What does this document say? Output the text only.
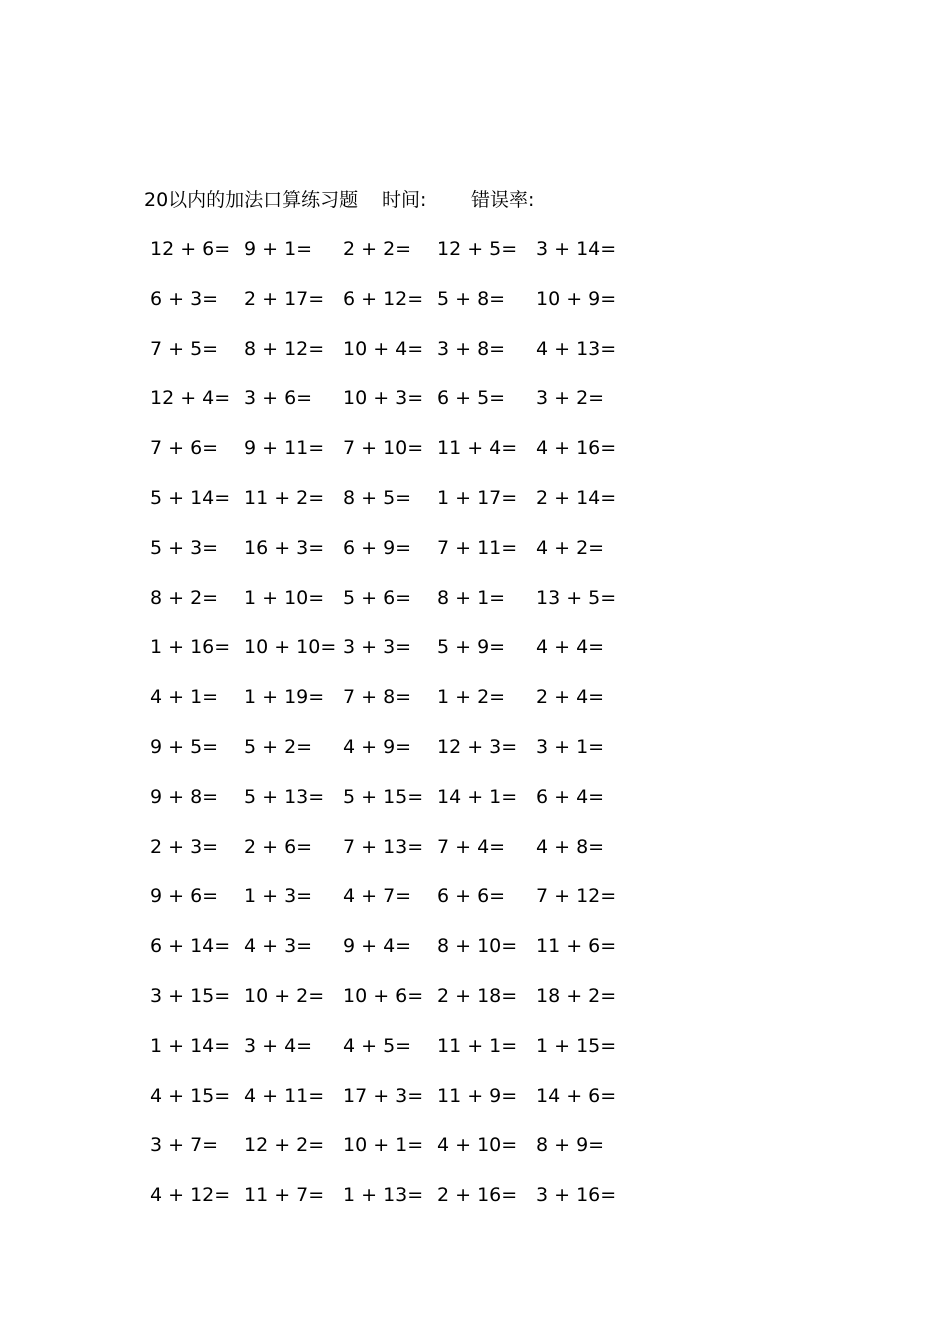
20以内的加法口算练习题 时间: 错误率:
12 + 6= 9 + 1= 2 + 2= 12 + 5= 3 + 14=
6 + 3= 2 + 17= 6 + 12= 5 + 8= 10 + 9=
7 + 5= 8 + 12= 10 + 4= 3 + 8= 4 + 13=
12 + 4= 3 + 6= 10 + 3= 6 + 5= 3 + 2=
7 + 6= 9 + 11= 7 + 10= 11 + 4= 4 + 16=
5 + 14= 11 + 2= 8 + 5= 1 + 17= 2 + 14=
5 + 3= 16 + 3= 6 + 9= 7 + 11= 4 + 2=
8 + 2= 1 + 10= 5 + 6= 8 + 1= 13 + 5=
1 + 16= 10 + 10= 3 + 3= 5 + 9= 4 + 4=
4 + 1= 1 + 19= 7 + 8= 1 + 2= 2 + 4=
9 + 5= 5 + 2= 4 + 9= 12 + 3= 3 + 1=
9 + 8= 5 + 13= 5 + 15= 14 + 1= 6 + 4=
2 + 3= 2 + 6= 7 + 13= 7 + 4= 4 + 8=
9 + 6= 1 + 3= 4 + 7= 6 + 6= 7 + 12=
6 + 14= 4 + 3= 9 + 4= 8 + 10= 11 + 6=
3 + 15= 10 + 2= 10 + 6= 2 + 18= 18 + 2=
1 + 14= 3 + 4= 4 + 5= 11 + 1= 1 + 15=
4 + 15= 4 + 11= 17 + 3= 11 + 9= 14 + 6=
3 + 7= 12 + 2= 10 + 1= 4 + 10= 8 + 9=
4 + 12= 11 + 7= 1 + 13= 2 + 16= 3 + 16=
